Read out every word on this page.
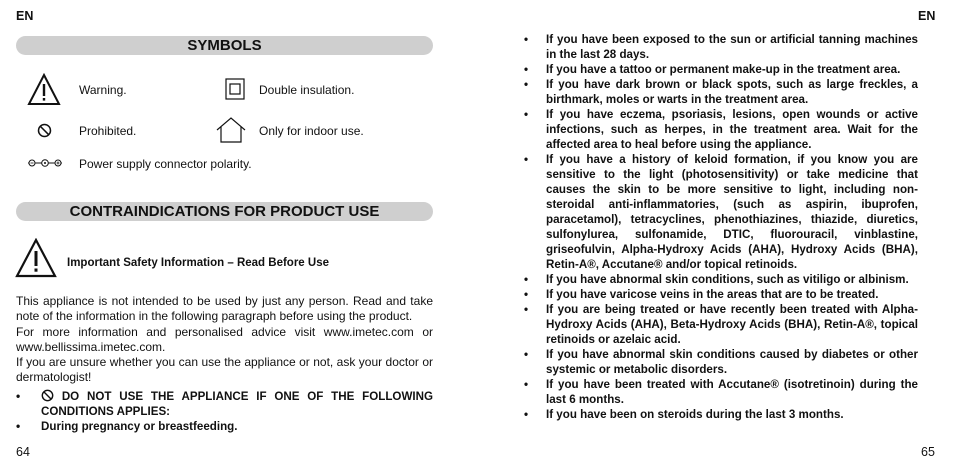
EN
SYMBOLS
Warning.	Double insulation.
Prohibited.	Only for indoor use.
Power supply connector polarity.
CONTRAINDICATIONS FOR PRODUCT USE
Important Safety Information – Read Before Use
This appliance is not intended to be used by just any person. Read and take note of the information in the following paragraph before using the product.
For more information and personalised advice visit www.imetec.com or www.bellissima.imetec.com.
If you are unsure whether you can use the appliance or not, ask your doctor or dermatologist!
•	DO NOT USE THE APPLIANCE IF ONE OF THE FOLLOWING CONDITIONS APPLIES:
• During pregnancy or breastfeeding.
64
EN
• If you have been exposed to the sun or artificial tanning machines in the last 28 days.
• If you have a tattoo or permanent make-up in the treatment area.
• If you have dark brown or black spots, such as large freckles, a birthmark, moles or warts in the treatment area.
• If you have eczema, psoriasis, lesions, open wounds or active infections, such as herpes, in the treatment area. Wait for the affected area to heal before using the appliance.
• If you have a history of keloid formation, if you know you are sensitive to the light (photosensitivity) or take medicine that causes the skin to be more sensitive to light, including non-steroidal anti-inflammatories, (such as aspirin, ibuprofen, paracetamol), tetracyclines, phenothiazines, thiazide, diuretics, sulfonylurea, sulfonamide, DTIC, fluorouracil, vinblastine, griseofulvin, Alpha-Hydroxy Acids (AHA), Hydroxy Acids (BHA), Retin-A®, Accutane® and/or topical retinoids.
• If you have abnormal skin conditions, such as vitiligo or albinism.
• If you have varicose veins in the areas that are to be treated.
• If you are being treated or have recently been treated with Alpha-Hydroxy Acids (AHA), Beta-Hydroxy Acids (BHA), Retin-A®, topical retinoids or azelaic acid.
• If you have abnormal skin conditions caused by diabetes or other systemic or metabolic disorders.
• If you have been treated with Accutane® (isotretinoin) during the last 6 months.
• If you have been on steroids during the last 3 months.
65
